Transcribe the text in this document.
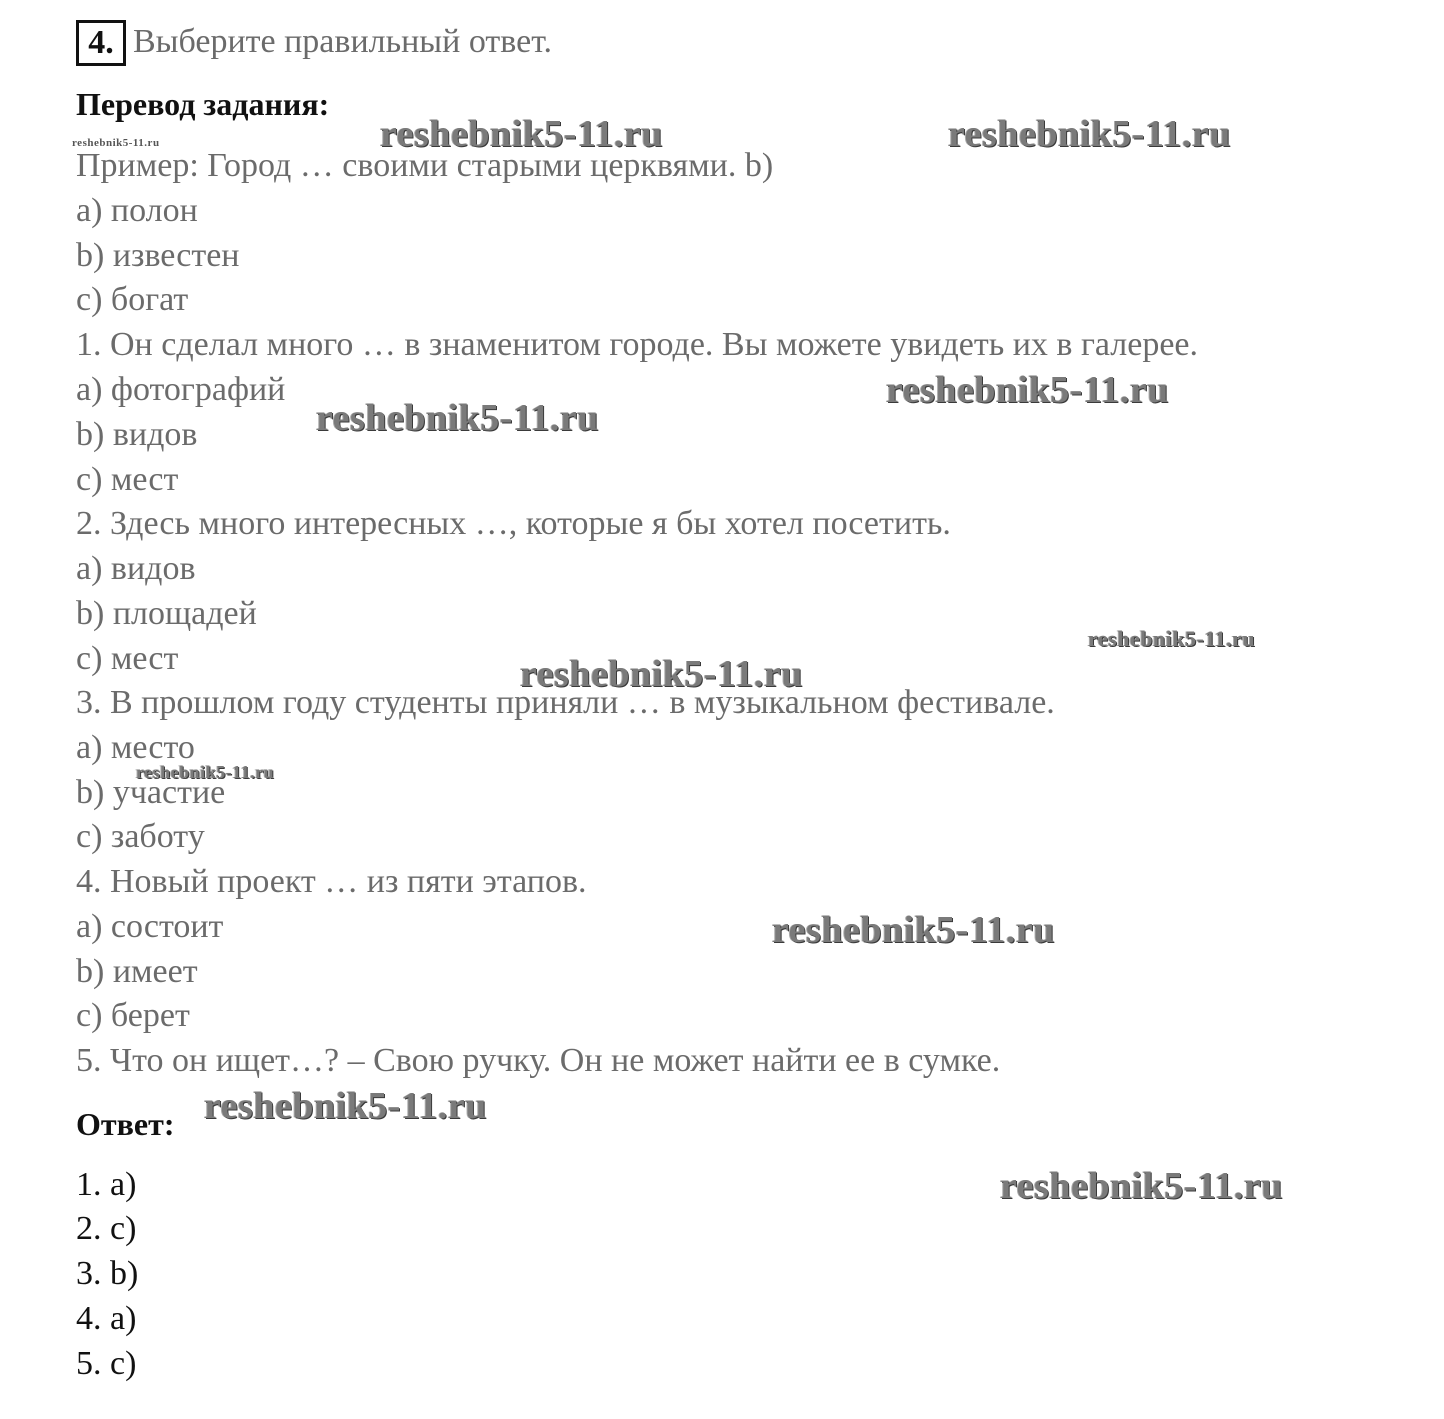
4. Выберите правильный ответ.
Перевод задания:
Пример: Город … своими старыми церквями. b)
a) полон
b) известен
c) богат
1. Он сделал много … в знаменитом городе. Вы можете увидеть их в галерее.
a) фотографий
b) видов
c) мест
2. Здесь много интересных …, которые я бы хотел посетить.
a) видов
b) площадей
c) мест
3. В прошлом году студенты приняли … в музыкальном фестивале.
a) место
b) участие
c) заботу
4. Новый проект … из пяти этапов.
a) состоит
b) имеет
c) берет
5. Что он ищет…? – Свою ручку. Он не может найти ее в сумке.
Ответ:
1. a)
2. c)
3. b)
4. a)
5. c)
reshebnik5-11.ru	reshebnik5-11.ru	reshebnik5-11.ru
reshebnik5-11.ru
reshebnik5-11.ru
reshebnik5-11.ru
reshebnik5-11.ru
reshebnik5-11.ru
reshebnik5-11.ru
reshebnik5-11.ru
reshebnik5-11.ru
